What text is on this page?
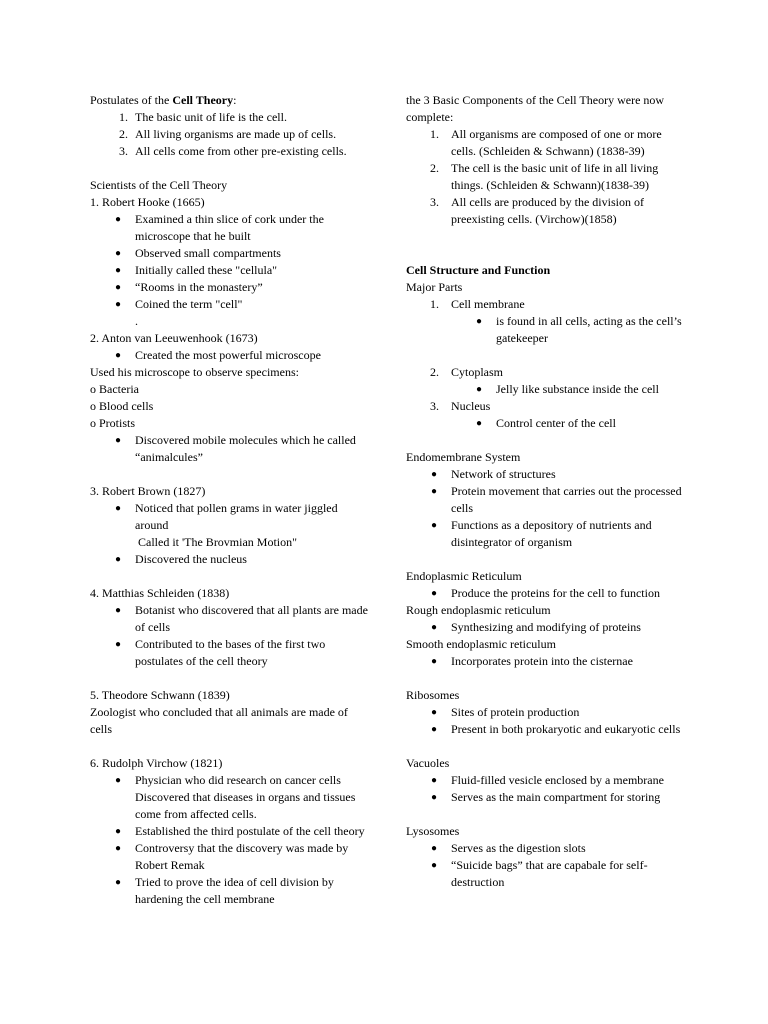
Postulates of the Cell Theory:
1. The basic unit of life is the cell.
2. All living organisms are made up of cells.
3. All cells come from other pre-existing cells.
Scientists of the Cell Theory
1. Robert Hooke (1665)
● Examined a thin slice of cork under the microscope that he built
● Observed small compartments
● Initially called these "cellula"
● “Rooms in the monastery”
● Coined the term "cell"
.
2. Anton van Leeuwenhook (1673)
● Created the most powerful microscope
Used his microscope to observe specimens:
o Bacteria
o Blood cells
o Protists
● Discovered mobile molecules which he called “animalcules”
3. Robert Brown (1827)
● Noticed that pollen grams in water jiggled around
Called it 'The Brovmian Motion"
● Discovered the nucleus
4. Matthias Schleiden (1838)
● Botanist who discovered that all plants are made of cells
● Contributed to the bases of the first two postulates of the cell theory
5. Theodore Schwann (1839)
Zoologist who concluded that all animals are made of cells
6. Rudolph Virchow (1821)
● Physician who did research on cancer cells Discovered that diseases in organs and tissues come from affected cells.
● Established the third postulate of the cell theory
● Controversy that the discovery was made by Robert Remak
● Tried to prove the idea of cell division by hardening the cell membrane
the 3 Basic Components of the Cell Theory were now complete:
1. All organisms are composed of one or more cells. (Schleiden & Schwann) (1838-39)
2. The cell is the basic unit of life in all living things. (Schleiden & Schwann)(1838-39)
3. All cells are produced by the division of preexisting cells. (Virchow)(1858)
Cell Structure and Function
Major Parts
1. Cell membrane
● is found in all cells, acting as the cell’s gatekeeper
2. Cytoplasm
● Jelly like substance inside the cell
3. Nucleus
● Control center of the cell
Endomembrane System
● Network of structures
● Protein movement that carries out the processed cells
● Functions as a depository of nutrients and disintegrator of organism
Endoplasmic Reticulum
● Produce the proteins for the cell to function
Rough endoplasmic reticulum
● Synthesizing and modifying of proteins
Smooth endoplasmic reticulum
● Incorporates protein into the cisternae
Ribosomes
● Sites of protein production
● Present in both prokaryotic and eukaryotic cells
Vacuoles
● Fluid-filled vesicle enclosed by a membrane
● Serves as the main compartment for storing
Lysosomes
● Serves as the digestion slots
● “Suicide bags” that are capabale for self-destruction
